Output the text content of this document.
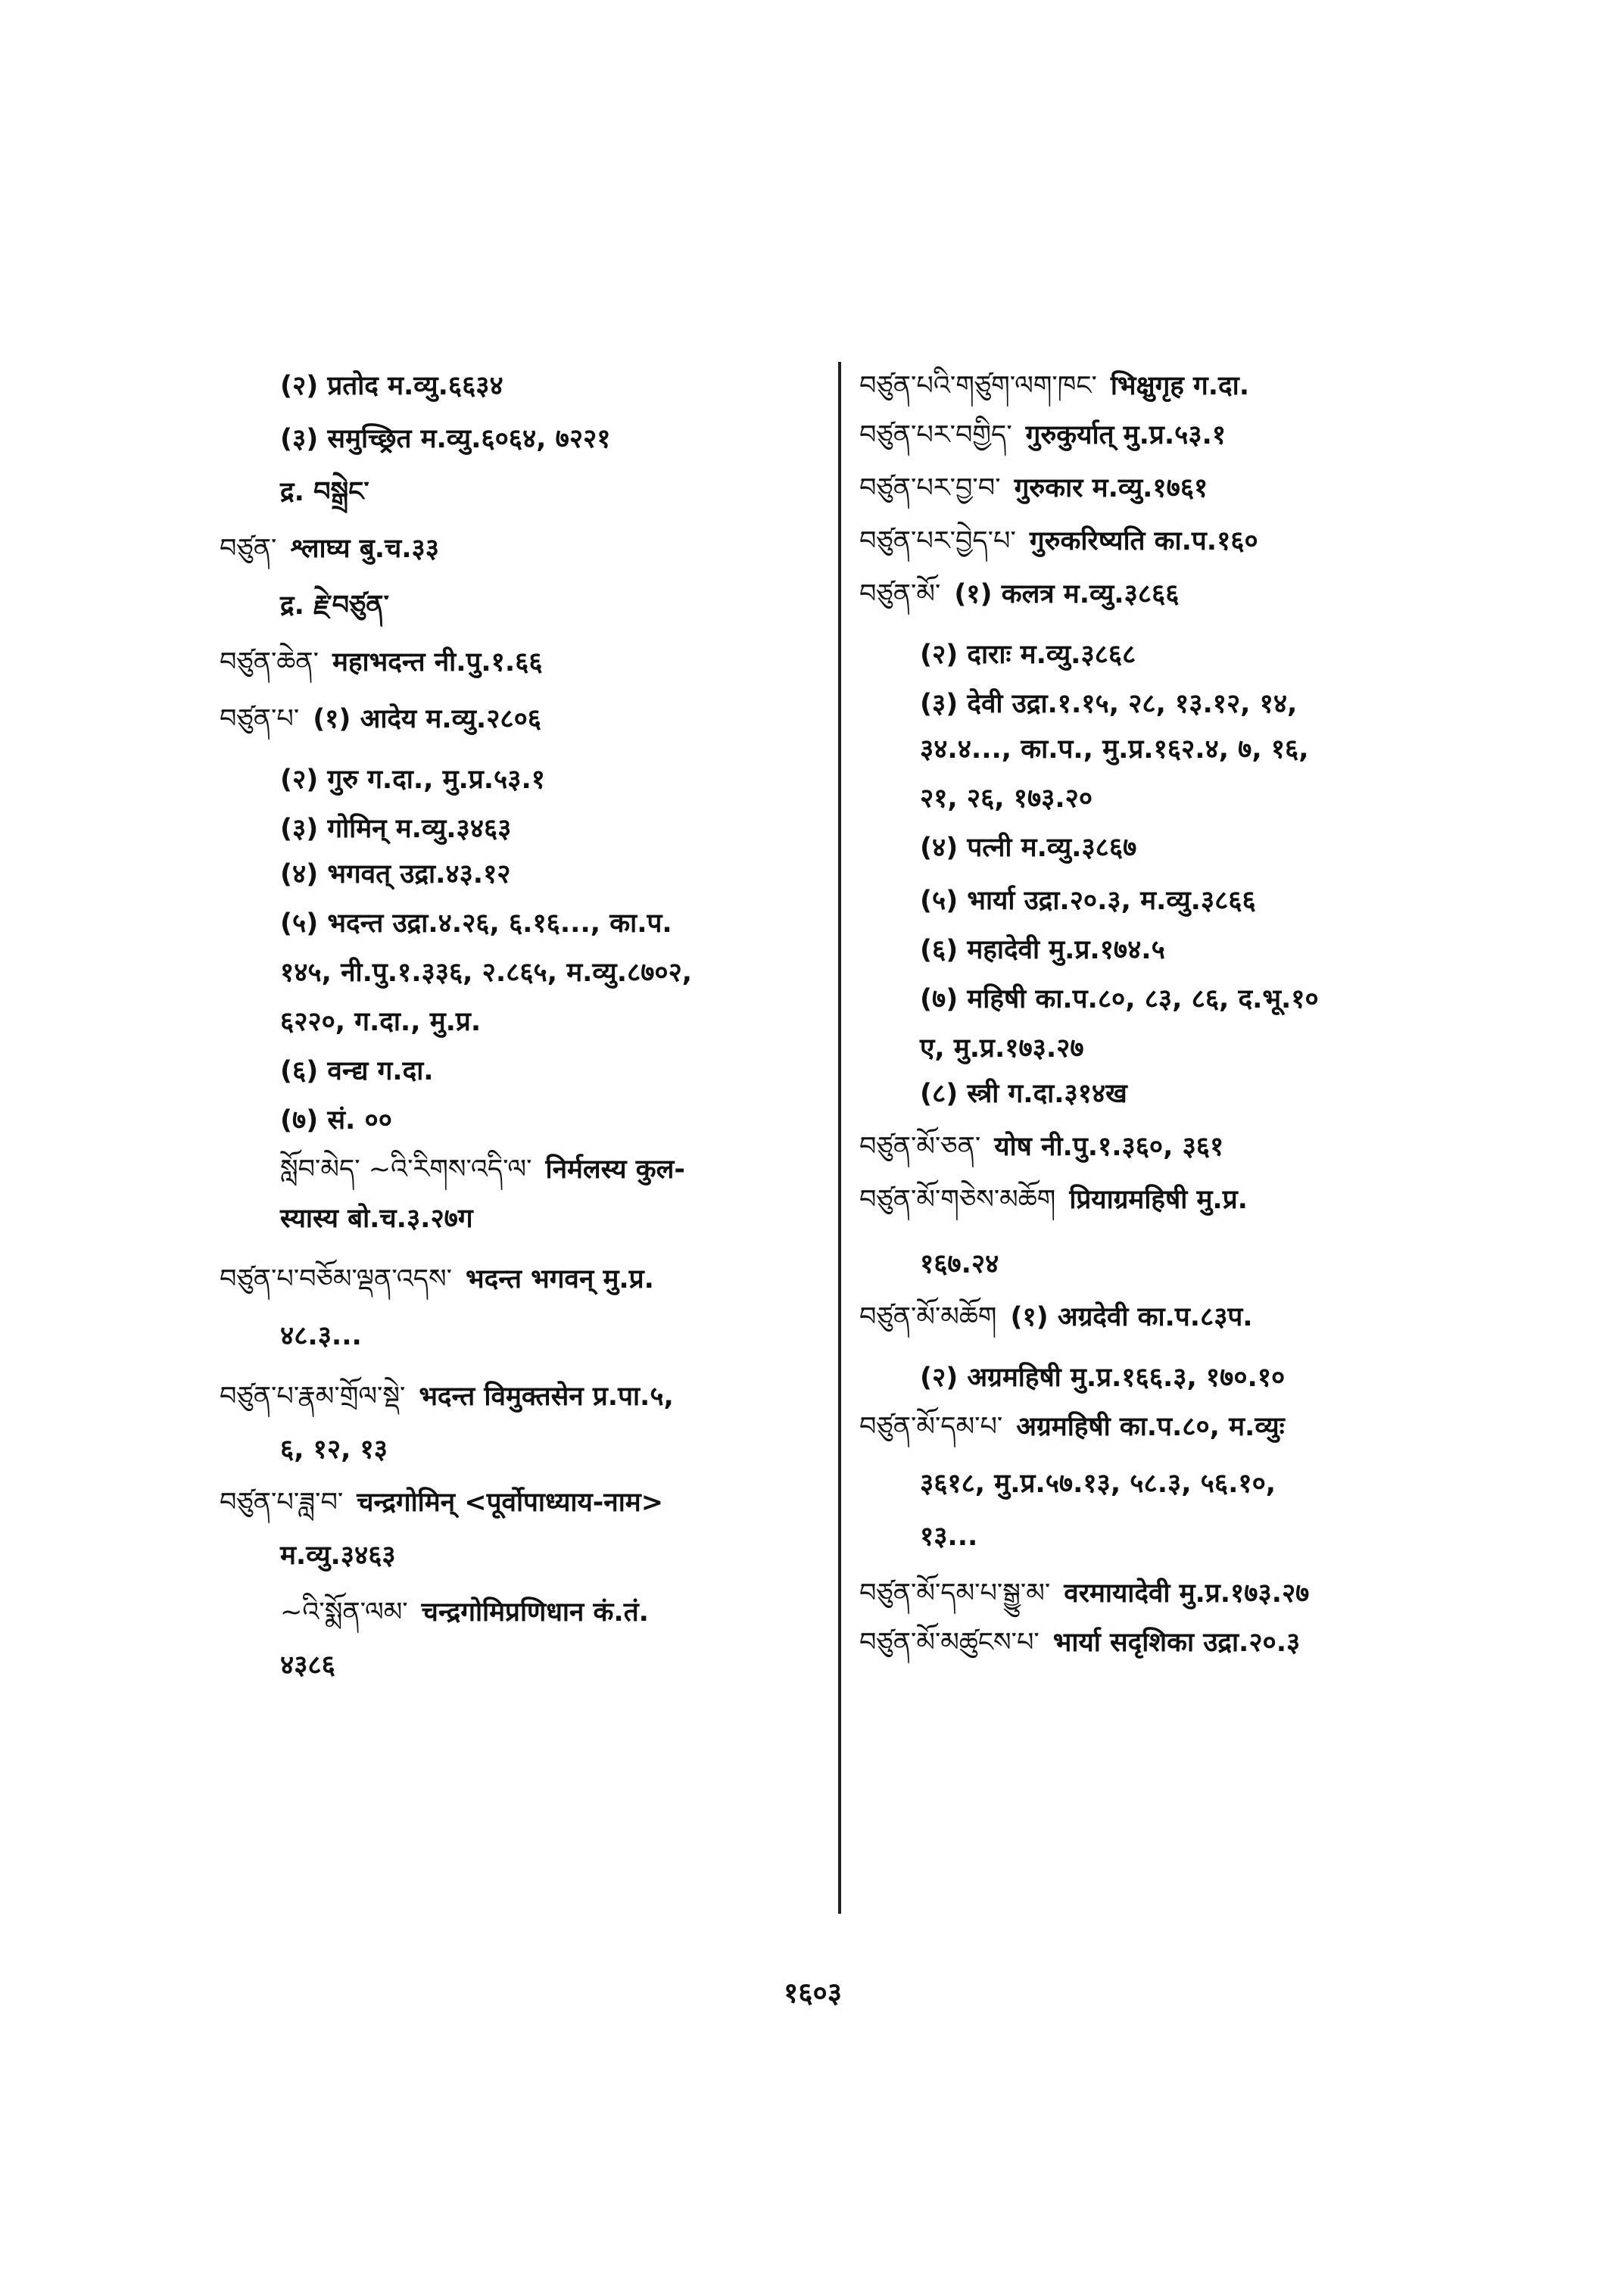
(२) प्रतोद म.व्यु.६६३४
(३) समुच्छ्रित म.व्यु.६०६४, ७२२१
द्र. བསྒྲེང་
བཙུན་ श्लाघ्य बु.च.३३
द्र. རྗེ་བཙུན་
བཙུན་ཆེན་ महाभदन्त नी.पु.१.६६
བཙུན་པ་ (१) आदेय म.व्यु.२८०६
(२) गुरु ग.दा., मु.प्र.५३.१
(३) गोमिन् म.व्यु.३४६३
(४) भगवत् उद्रा.४३.१२
(५) भदन्त उद्रा.४.२६, ६.१६..., का.प.
१४५, नी.पु.१.३३६, २.८६५, म.व्यु.८७०२,
६२२०, ग.दा., मु.प्र.
(६) वन्द्य ग.दा.
(७) सं. ००
སློབ་མེད་ ~འི་རིགས་འདི་ལ་ निर्मलस्य कुल-
स्यास्य बो.च.३.२७ग
བཙུན་པ་བཅོམ་ལྡན་འདས་ भदन्त भगवन् मु.प्र.
४८.३...
བཙུན་པ་རྣམ་གྲོལ་སྡེ་ भदन्त विमुक्तसेन प्र.पा.५,
६, १२, १३
བཙུན་པ་ཟླ་བ་ चन्द्रगोमिन् <पूर्वोपाध्याय-नाम>
म.व्यु.३४६३
~འི་སྨོན་ལམ་ चन्द्रगोमिप्रणिधान कं.तं.
४३८६
བཙུན་པའི་གཙུག་ལག་ཁང་ भिक्षुगृह ग.दा.
བཙུན་པར་བགྱིད་ गुरुकुर्यात् मु.प्र.५३.१
བཙུན་པར་བྱ་བ་ गुरुकार म.व्यु.१७६१
བཙུན་པར་བྱེད་པ་ गुरुकरिष्यति का.प.१६०
བཙུན་མོ་ (१) कलत्र म.व्यु.३८६६
(२) दाराः म.व्यु.३८६८
(३) देवी उद्रा.१.१५, २८, १३.१२, १४,
३४.४..., का.प., मु.प्र.१६२.४, ७, १६,
२१, २६, १७३.२०
(४) पत्नी म.व्यु.३८६७
(५) भार्या उद्रा.२०.३, म.व्यु.३८६६
(६) महादेवी मु.प्र.१७४.५
(७) महिषी का.प.८०, ८३, ८६, द.भू.१०
ए, मु.प्र.१७३.२७
(८) स्त्री ग.दा.३१४ख
བཙུན་མོ་ཅན་ योष नी.पु.१.३६०, ३६१
བཙུན་མོ་གཅེས་མཆོག प्रियाग्रमहिषी मु.प्र.
१६७.२४
བཙུན་མོ་མཆོག (१) अग्रदेवी का.प.८३प.
(२) अग्रमहिषी मु.प्र.१६६.३, १७०.१०
བཙུན་མོ་དམ་པ་ अग्रमहिषी का.प.८०, म.व्युः
३६१८, मु.प्र.५७.१३, ५८.३, ५६.१०,
१३...
བཙུན་མོ་དམ་པ་སྒྱུ་མ་ वरमायादेवी मु.प्र.१७३.२७
བཙུན་མོ་མཚུངས་པ་ भार्या सदृशिका उद्रा.२०.३
१६०३
